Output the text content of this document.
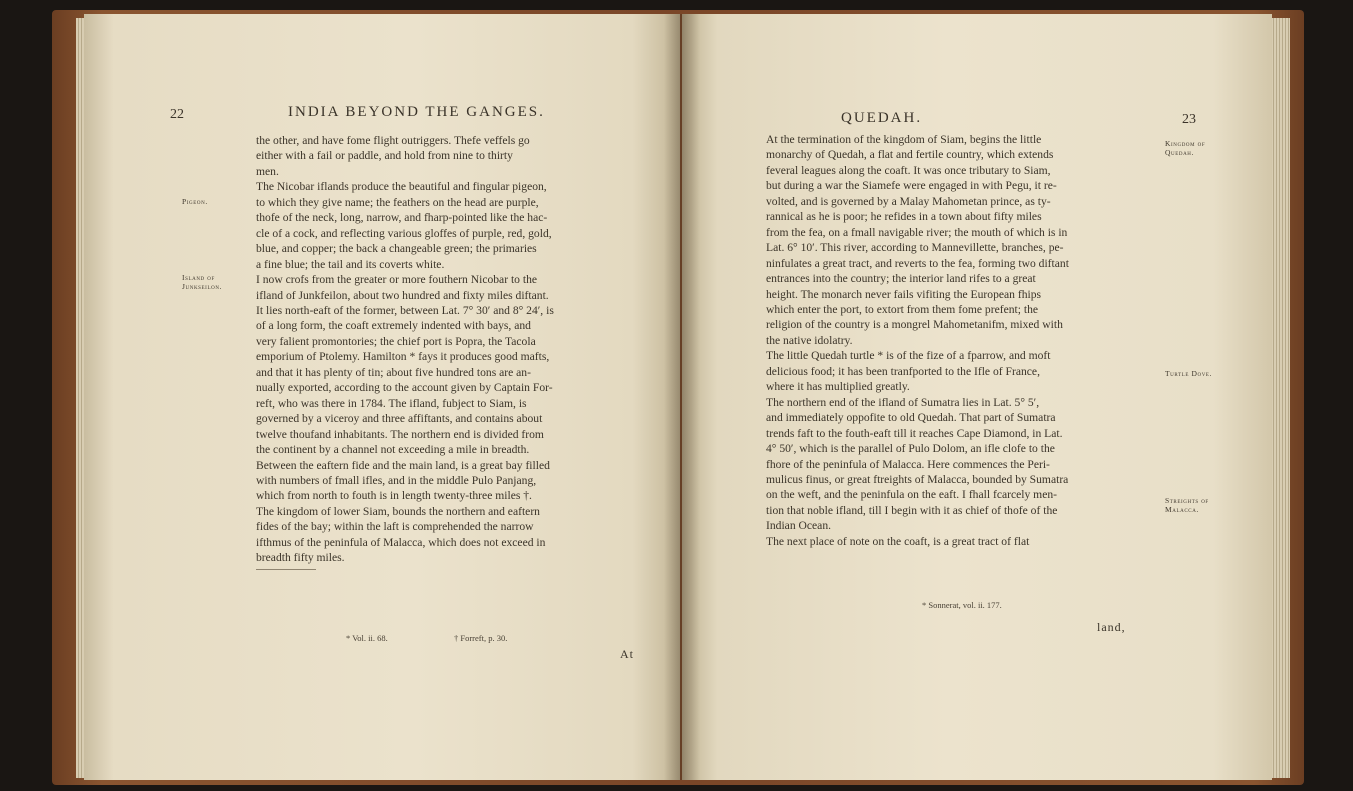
22	INDIA BEYOND THE GANGES.
Pigeon.
Island of
Junkseilon.
the other, and have fome flight outriggers. Thefe veffels go
either with a fail or paddle, and hold from nine to thirty
men.
The Nicobar iflands produce the beautiful and fingular pigeon,
to which they give name; the feathers on the head are purple,
thofe of the neck, long, narrow, and fharp-pointed like the hac-
cle of a cock, and reflecting various gloffes of purple, red, gold,
blue, and copper; the back a changeable green; the primaries
a fine blue; the tail and its coverts white.
I now crofs from the greater or more fouthern Nicobar to the
ifland of Junkfeilon, about two hundred and fixty miles diftant.
It lies north-eaft of the former, between Lat. 7° 30′ and 8° 24′, is
of a long form, the coaft extremely indented with bays, and
very falient promontories; the chief port is Popra, the Tacola
emporium of Ptolemy. Hamilton * fays it produces good mafts,
and that it has plenty of tin; about five hundred tons are an-
nually exported, according to the account given by Captain For-
reft, who was there in 1784. The ifland, fubject to Siam, is
governed by a viceroy and three affiftants, and contains about
twelve thoufand inhabitants. The northern end is divided from
the continent by a channel not exceeding a mile in breadth.
Between the eaftern fide and the main land, is a great bay filled
with numbers of fmall ifles, and in the middle Pulo Panjang,
which from north to fouth is in length twenty-three miles †.
The kingdom of lower Siam, bounds the northern and eaftern
fides of the bay; within the laft is comprehended the narrow
ifthmus of the peninfula of Malacca, which does not exceed in
breadth fifty miles.
* Vol. ii. 68.	† Forreft, p. 30.
At
QUEDAH.	23
Kingdom of
Quedah.
Turtle Dove.
Streights of
Malacca.
At the termination of the kingdom of Siam, begins the little
monarchy of Quedah, a flat and fertile country, which extends
feveral leagues along the coaft. It was once tributary to Siam,
but during a war the Siamefe were engaged in with Pegu, it re-
volted, and is governed by a Malay Mahometan prince, as ty-
rannical as he is poor; he refides in a town about fifty miles
from the fea, on a fmall navigable river; the mouth of which is in
Lat. 6° 10′. This river, according to Mannevillette, branches, pe-
ninfulates a great tract, and reverts to the fea, forming two diftant
entrances into the country; the interior land rifes to a great
height. The monarch never fails vifiting the European fhips
which enter the port, to extort from them fome prefent; the
religion of the country is a mongrel Mahometanifm, mixed with
the native idolatry.
The little Quedah turtle * is of the fize of a fparrow, and moft
delicious food; it has been tranfported to the Ifle of France,
where it has multiplied greatly.
The northern end of the ifland of Sumatra lies in Lat. 5° 5′,
and immediately oppofite to old Quedah. That part of Sumatra
trends faft to the fouth-eaft till it reaches Cape Diamond, in Lat.
4° 50′, which is the parallel of Pulo Dolom, an ifle clofe to the
fhore of the peninfula of Malacca. Here commences the Peri-
mulicus finus, or great ftreights of Malacca, bounded by Sumatra
on the weft, and the peninfula on the eaft. I fhall fcarcely men-
tion that noble ifland, till I begin with it as chief of thofe of the
Indian Ocean.
The next place of note on the coaft, is a great tract of flat
* Sonnerat, vol. ii. 177.
land,
